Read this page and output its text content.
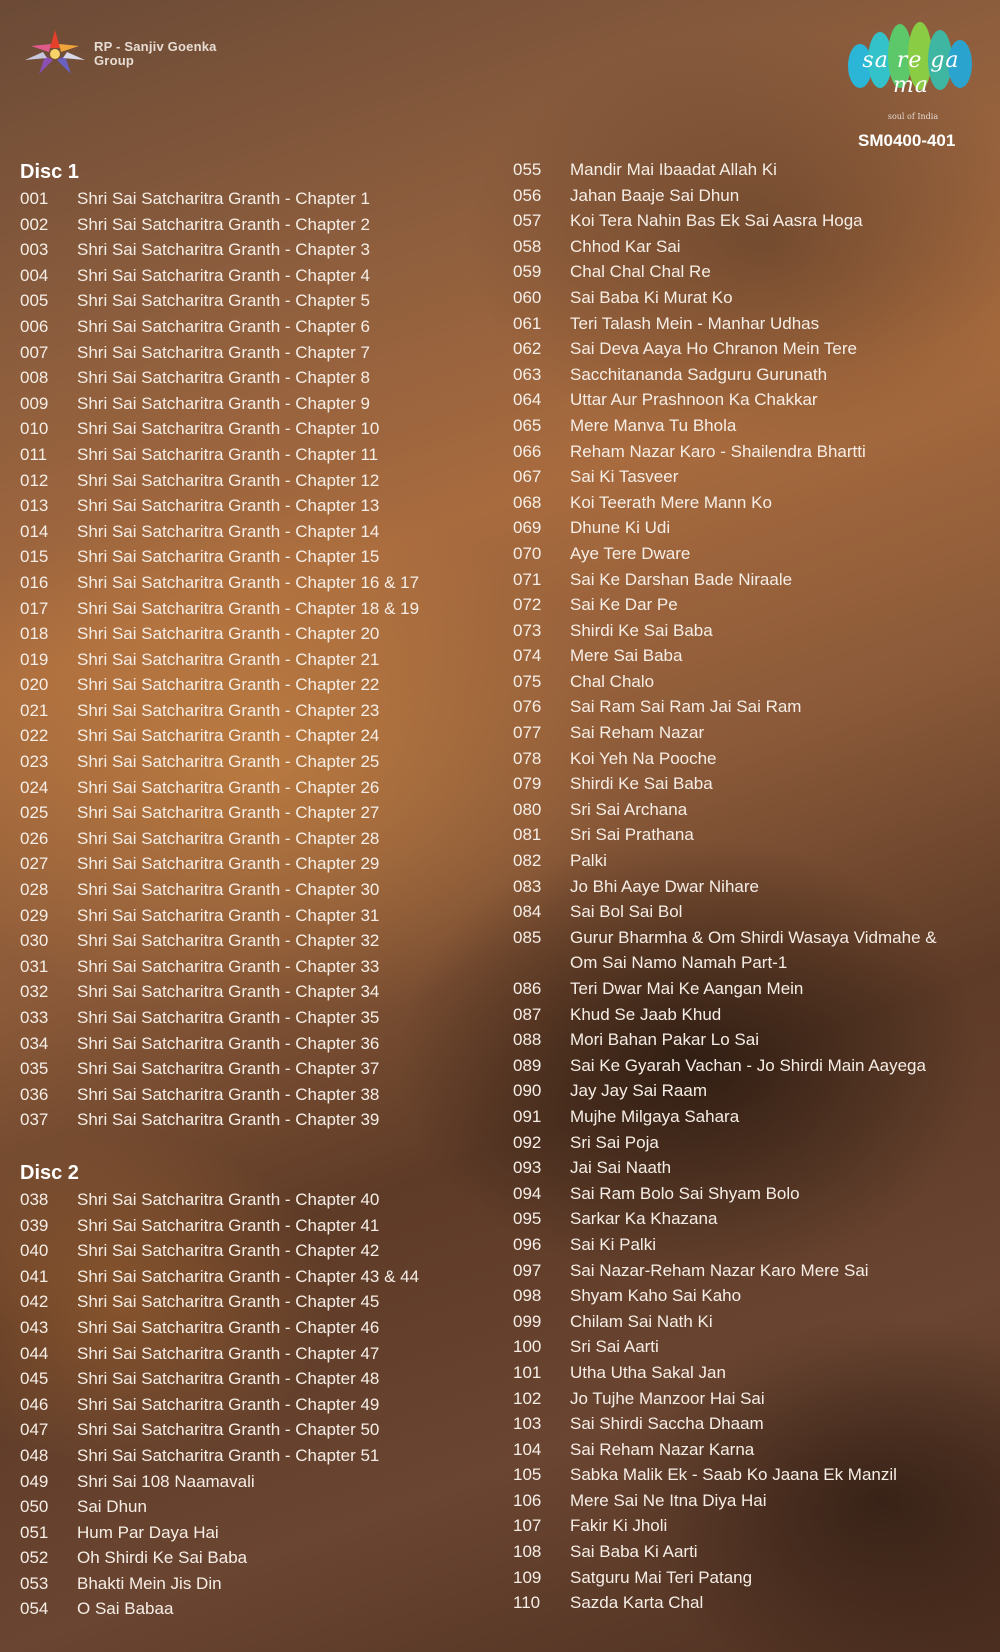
RP - Sanjiv Goenka
Group	sa re ga ma
soul of India
SM0400-401
Disc 1
001	Shri Sai Satcharitra Granth - Chapter 1
002	Shri Sai Satcharitra Granth - Chapter 2
003	Shri Sai Satcharitra Granth - Chapter 3
004	Shri Sai Satcharitra Granth - Chapter 4
005	Shri Sai Satcharitra Granth - Chapter 5
006	Shri Sai Satcharitra Granth - Chapter 6
007	Shri Sai Satcharitra Granth - Chapter 7
008	Shri Sai Satcharitra Granth - Chapter 8
009	Shri Sai Satcharitra Granth - Chapter 9
010	Shri Sai Satcharitra Granth - Chapter 10
011	Shri Sai Satcharitra Granth - Chapter 11
012	Shri Sai Satcharitra Granth - Chapter 12
013	Shri Sai Satcharitra Granth - Chapter 13
014	Shri Sai Satcharitra Granth - Chapter 14
015	Shri Sai Satcharitra Granth - Chapter 15
016	Shri Sai Satcharitra Granth - Chapter 16 & 17
017	Shri Sai Satcharitra Granth - Chapter 18 & 19
018	Shri Sai Satcharitra Granth - Chapter 20
019	Shri Sai Satcharitra Granth - Chapter 21
020	Shri Sai Satcharitra Granth - Chapter 22
021	Shri Sai Satcharitra Granth - Chapter 23
022	Shri Sai Satcharitra Granth - Chapter 24
023	Shri Sai Satcharitra Granth - Chapter 25
024	Shri Sai Satcharitra Granth - Chapter 26
025	Shri Sai Satcharitra Granth - Chapter 27
026	Shri Sai Satcharitra Granth - Chapter 28
027	Shri Sai Satcharitra Granth - Chapter 29
028	Shri Sai Satcharitra Granth - Chapter 30
029	Shri Sai Satcharitra Granth - Chapter 31
030	Shri Sai Satcharitra Granth - Chapter 32
031	Shri Sai Satcharitra Granth - Chapter 33
032	Shri Sai Satcharitra Granth - Chapter 34
033	Shri Sai Satcharitra Granth - Chapter 35
034	Shri Sai Satcharitra Granth - Chapter 36
035	Shri Sai Satcharitra Granth - Chapter 37
036	Shri Sai Satcharitra Granth - Chapter 38
037	Shri Sai Satcharitra Granth - Chapter 39
Disc 2
038	Shri Sai Satcharitra Granth - Chapter 40
039	Shri Sai Satcharitra Granth - Chapter 41
040	Shri Sai Satcharitra Granth - Chapter 42
041	Shri Sai Satcharitra Granth - Chapter 43 & 44
042	Shri Sai Satcharitra Granth - Chapter 45
043	Shri Sai Satcharitra Granth - Chapter 46
044	Shri Sai Satcharitra Granth - Chapter 47
045	Shri Sai Satcharitra Granth - Chapter 48
046	Shri Sai Satcharitra Granth - Chapter 49
047	Shri Sai Satcharitra Granth - Chapter 50
048	Shri Sai Satcharitra Granth - Chapter 51
049	Shri Sai 108 Naamavali
050	Sai Dhun
051	Hum Par Daya Hai
052	Oh Shirdi Ke Sai Baba
053	Bhakti Mein Jis Din
054	O Sai Babaa
055	Mandir Mai Ibaadat Allah Ki
056	Jahan Baaje Sai Dhun
057	Koi Tera Nahin Bas Ek Sai Aasra Hoga
058	Chhod Kar Sai
059	Chal Chal Chal Re
060	Sai Baba Ki Murat Ko
061	Teri Talash Mein - Manhar Udhas
062	Sai Deva Aaya Ho Chranon Mein Tere
063	Sacchitananda Sadguru Gurunath
064	Uttar Aur Prashnoon Ka Chakkar
065	Mere Manva Tu Bhola
066	Reham Nazar Karo - Shailendra Bhartti
067	Sai Ki Tasveer
068	Koi Teerath Mere Mann Ko
069	Dhune Ki Udi
070	Aye Tere Dware
071	Sai Ke Darshan Bade Niraale
072	Sai Ke Dar Pe
073	Shirdi Ke Sai Baba
074	Mere Sai Baba
075	Chal Chalo
076	Sai Ram Sai Ram Jai Sai Ram
077	Sai Reham Nazar
078	Koi Yeh Na Pooche
079	Shirdi Ke Sai Baba
080	Sri Sai Archana
081	Sri Sai Prathana
082	Palki
083	Jo Bhi Aaye Dwar Nihare
084	Sai Bol Sai Bol
085	Gurur Bharmha & Om Shirdi Wasaya Vidmahe & Om Sai Namo Namah Part-1
086	Teri Dwar Mai Ke Aangan Mein
087	Khud Se Jaab Khud
088	Mori Bahan Pakar Lo Sai
089	Sai Ke Gyarah Vachan - Jo Shirdi Main Aayega
090	Jay Jay Sai Raam
091	Mujhe Milgaya Sahara
092	Sri Sai Poja
093	Jai Sai Naath
094	Sai Ram Bolo Sai Shyam Bolo
095	Sarkar Ka Khazana
096	Sai Ki Palki
097	Sai Nazar-Reham Nazar Karo Mere Sai
098	Shyam Kaho Sai Kaho
099	Chilam Sai Nath Ki
100	Sri Sai Aarti
101	Utha Utha Sakal Jan
102	Jo Tujhe Manzoor Hai Sai
103	Sai Shirdi Saccha Dhaam
104	Sai Reham Nazar Karna
105	Sabka Malik Ek - Saab Ko Jaana Ek Manzil
106	Mere Sai Ne Itna Diya Hai
107	Fakir Ki Jholi
108	Sai Baba Ki Aarti
109	Satguru Mai Teri Patang
110	Sazda Karta Chal
